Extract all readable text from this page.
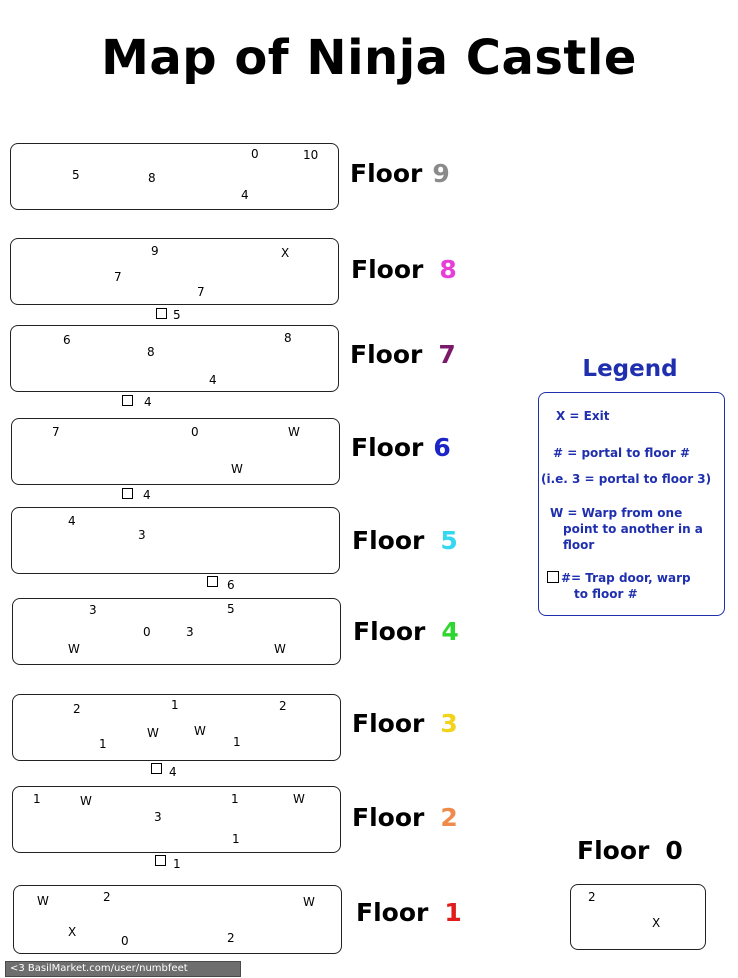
Map of Ninja Castle
5	8
0	10
4
Floor 9
9	X
7
7
Floor 8
5
6
8
8
4
Floor 7
4
7	0	W
W
Floor 6
4
4
3	Floor 5
6
3	5
0	3
W	W
Floor 4
2	1	2
W	W
1	1
Floor 3
4
1	W	1	W
3
1
Floor 2
1
W	2	W
X
0	2
Floor 1
Legend
X = Exit
# = portal to floor #
(i.e. 3 = portal to floor 3)
W = Warp from one
point to another in a
floor
#= Trap door, warp
to floor #
Floor 0
2
X
<3 BasilMarket.com/user/numbfeet
